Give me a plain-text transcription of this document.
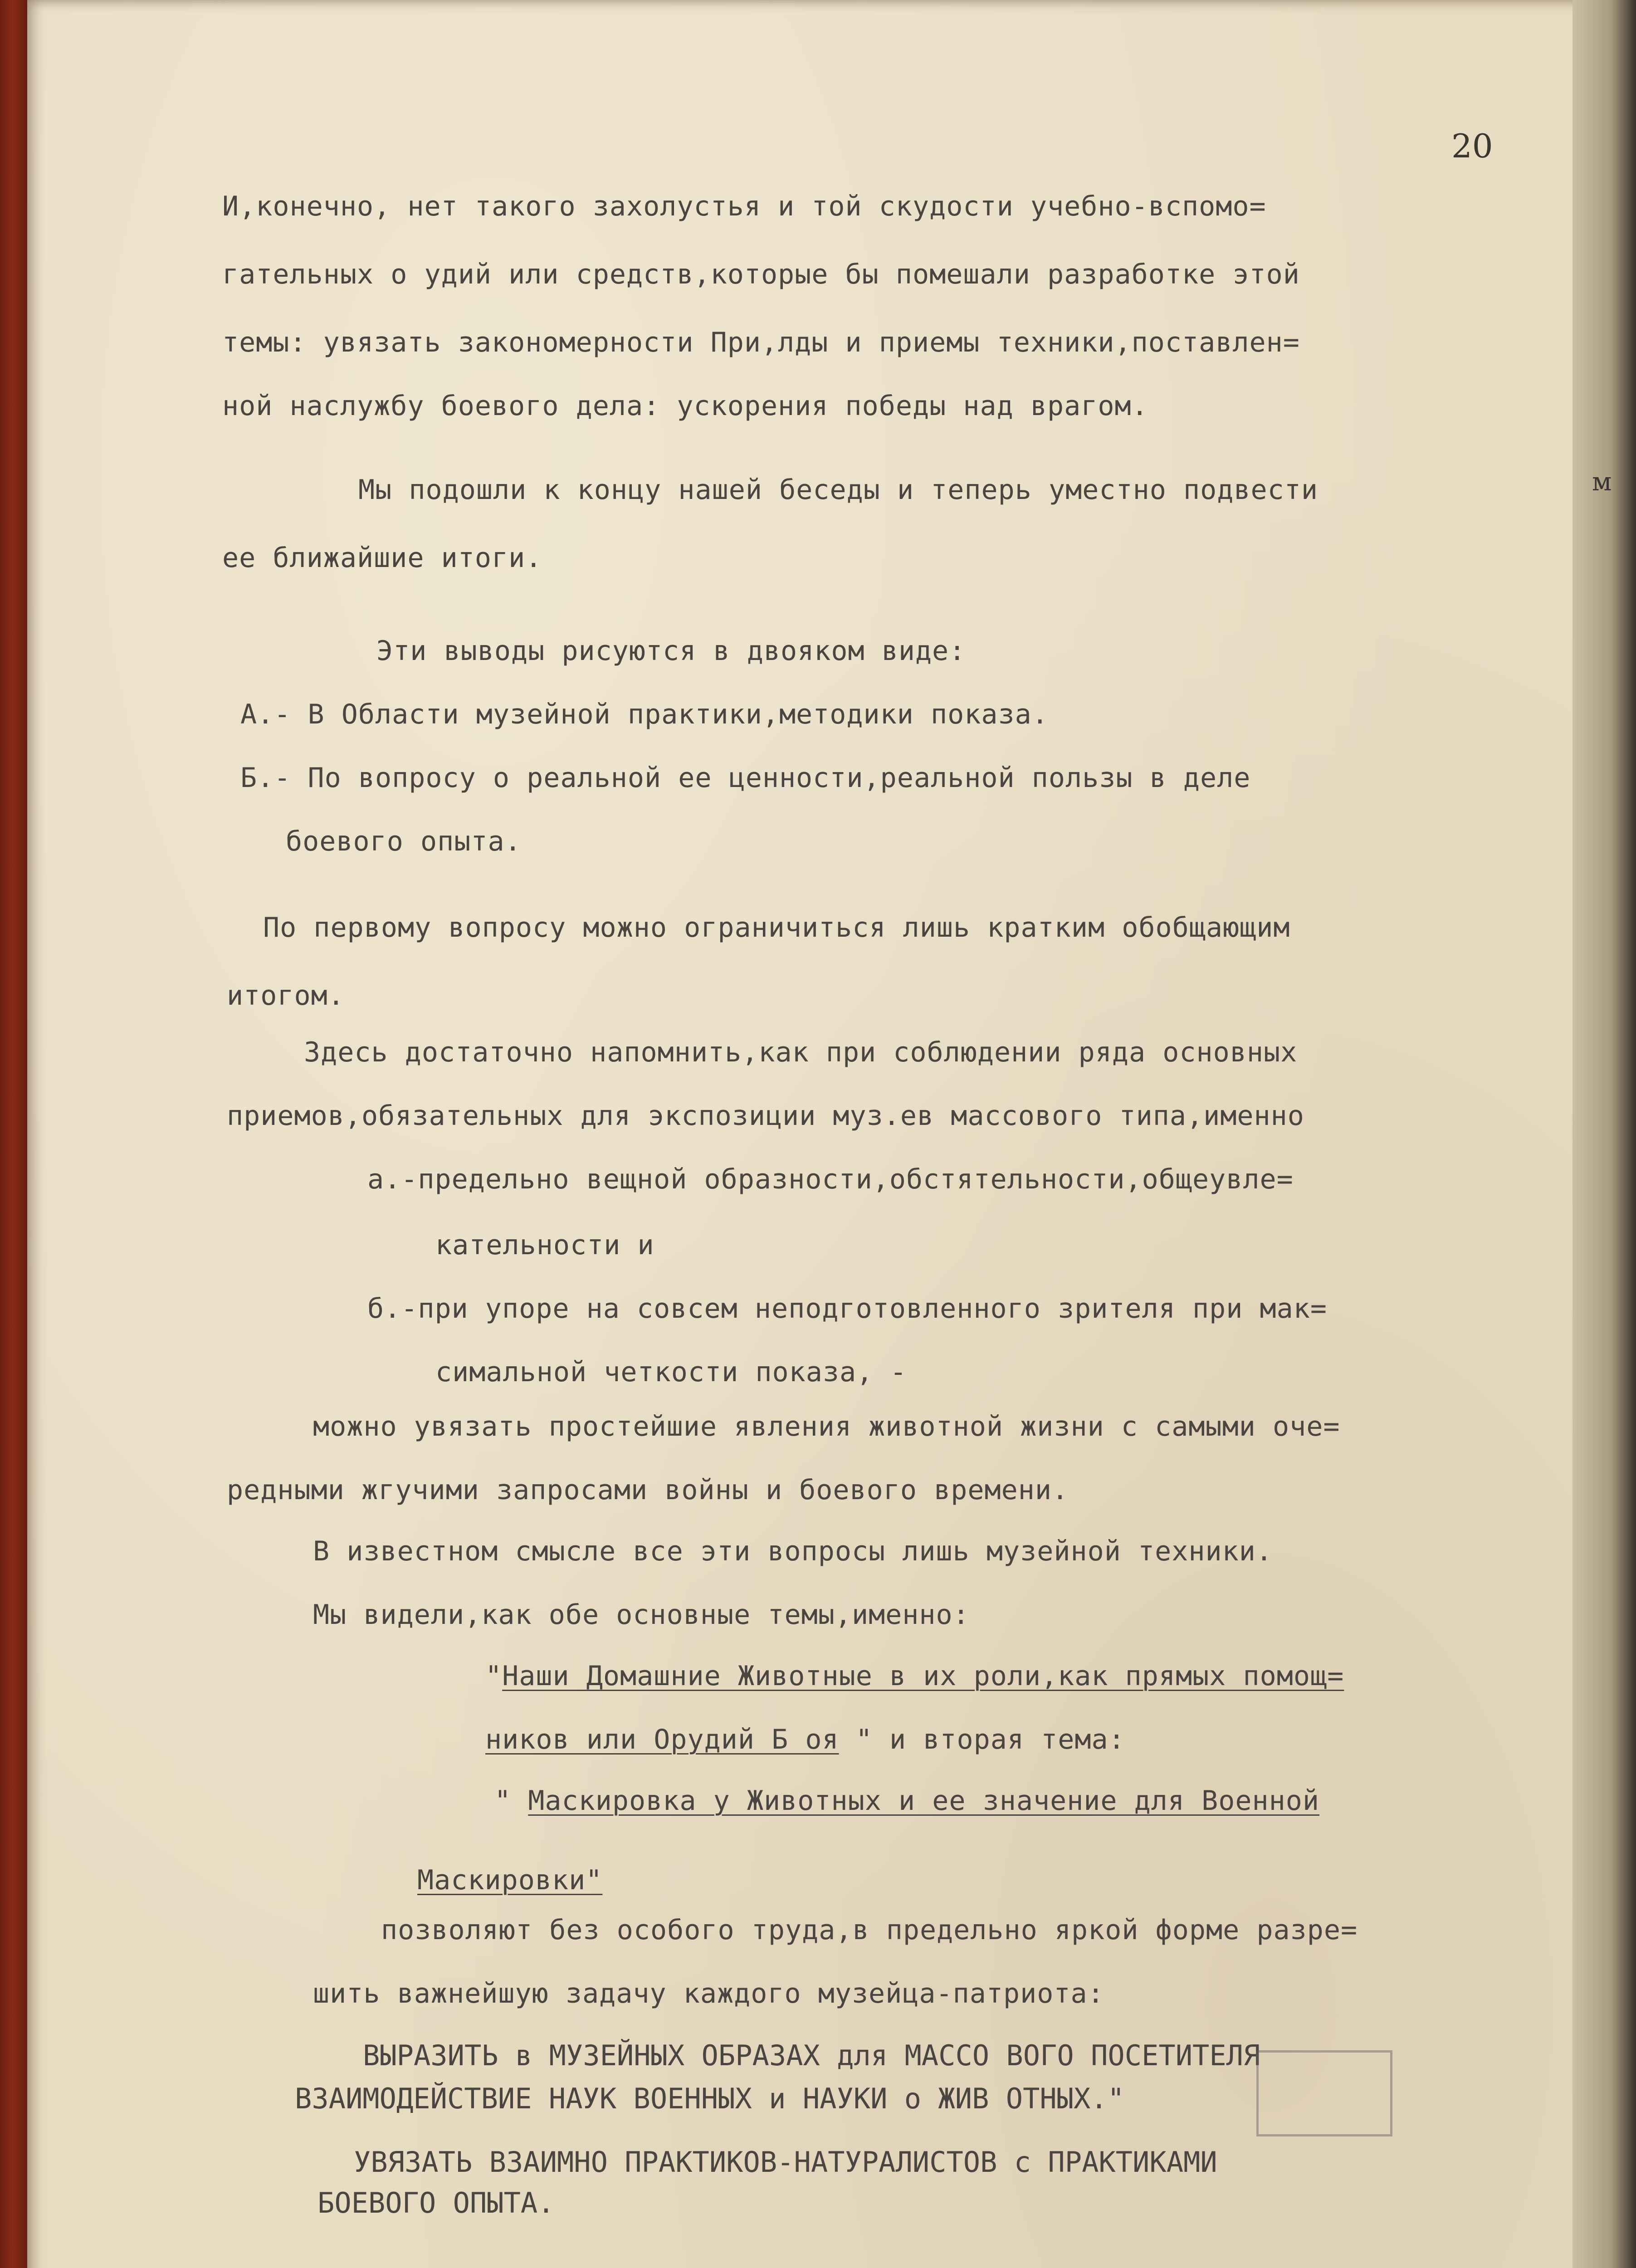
20
м
И,конечно, нет такого захолустья и той скудости учебно-вспомо=
гательных о удий или средств,которые бы помешали разработке этой
темы: увязать закономерности При,лды и приемы техники,поставлен=
ной наслужбу боевого дела: ускорения победы над врагом.
Мы подошли к концу нашей беседы и теперь уместно подвести
ее ближайшие итоги.
Эти выводы рисуются в двояком виде:
А.- В Области музейной практики,методики показа.
Б.- По вопросу о реальной ее ценности,реальной пользы в деле
боевого опыта.
По первому вопросу можно ограничиться лишь кратким обобщающим
итогом.
Здесь достаточно напомнить,как при соблюдении ряда основных
приемов,обязательных для экспозиции муз.ев массового типа,именно
а.-предельно вещной образности,обстятельности,общеувле=
кательности и
б.-при упоре на совсем неподготовленного зрителя при мак=
симальной четкости показа, -
можно увязать простейшие явления животной жизни с самыми оче=
редными жгучими запросами войны и боевого времени.
В известном смысле все эти вопросы лишь музейной техники.
Мы видели,как обе основные темы,именно:
"Наши Домашние Животные в их роли,как прямых помощ=
ников или Орудий Б оя " и вторая тема:
" Маскировка у Животных и ее значение для Военной
Маскировки"
позволяют без особого труда,в предельно яркой форме разре=
шить важнейшую задачу каждого музейца-патриота:
ВЫРАЗИТЬ в МУЗЕЙНЫХ ОБРАЗАХ для МАССО ВОГО ПОСЕТИТЕЛЯ
ВЗАИМОДЕЙСТВИЕ НАУК ВОЕННЫХ и НАУКИ о ЖИВ ОТНЫХ."
УВЯЗАТЬ ВЗАИМНО ПРАКТИКОВ-НАТУРАЛИСТОВ с ПРАКТИКАМИ
БОЕВОГО ОПЫТА.
